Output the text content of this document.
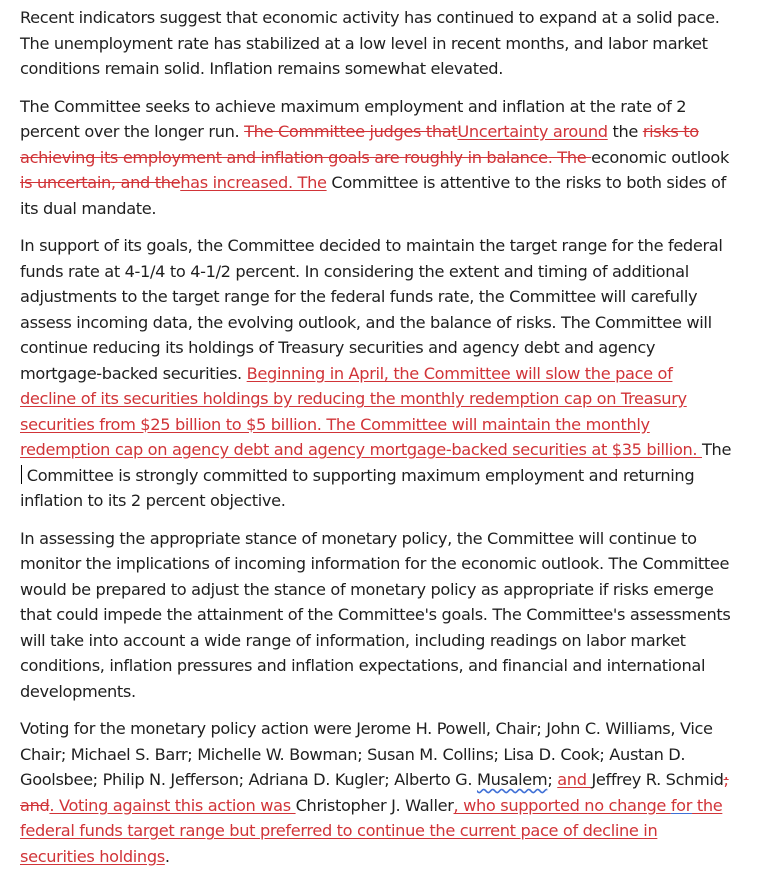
Recent indicators suggest that economic activity has continued to expand at a solid pace. The unemployment rate has stabilized at a low level in recent months, and labor market conditions remain solid. Inflation remains somewhat elevated.

The Committee seeks to achieve maximum employment and inflation at the rate of 2 percent over the longer run. The Committee judges thatUncertainty around the risks to achieving its employment and inflation goals are roughly in balance. The economic outlook is uncertain, and thehas increased. The Committee is attentive to the risks to both sides of its dual mandate.

In support of its goals, the Committee decided to maintain the target range for the federal funds rate at 4-1/4 to 4-1/2 percent. In considering the extent and timing of additional adjustments to the target range for the federal funds rate, the Committee will carefully assess incoming data, the evolving outlook, and the balance of risks. The Committee will continue reducing its holdings of Treasury securities and agency debt and agency mortgage-backed securities. Beginning in April, the Committee will slow the pace of decline of its securities holdings by reducing the monthly redemption cap on Treasury securities from $25 billion to $5 billion. The Committee will maintain the monthly redemption cap on agency debt and agency mortgage-backed securities at $35 billion. The Committee is strongly committed to supporting maximum employment and returning inflation to its 2 percent objective.

In assessing the appropriate stance of monetary policy, the Committee will continue to monitor the implications of incoming information for the economic outlook. The Committee would be prepared to adjust the stance of monetary policy as appropriate if risks emerge that could impede the attainment of the Committee's goals. The Committee's assessments will take into account a wide range of information, including readings on labor market conditions, inflation pressures and inflation expectations, and financial and international developments.

Voting for the monetary policy action were Jerome H. Powell, Chair; John C. Williams, Vice Chair; Michael S. Barr; Michelle W. Bowman; Susan M. Collins; Lisa D. Cook; Austan D. Goolsbee; Philip N. Jefferson; Adriana D. Kugler; Alberto G. Musalem; and Jeffrey R. Schmid; and. Voting against this action was Christopher J. Waller, who supported no change for the federal funds target range but preferred to continue the current pace of decline in securities holdings.
